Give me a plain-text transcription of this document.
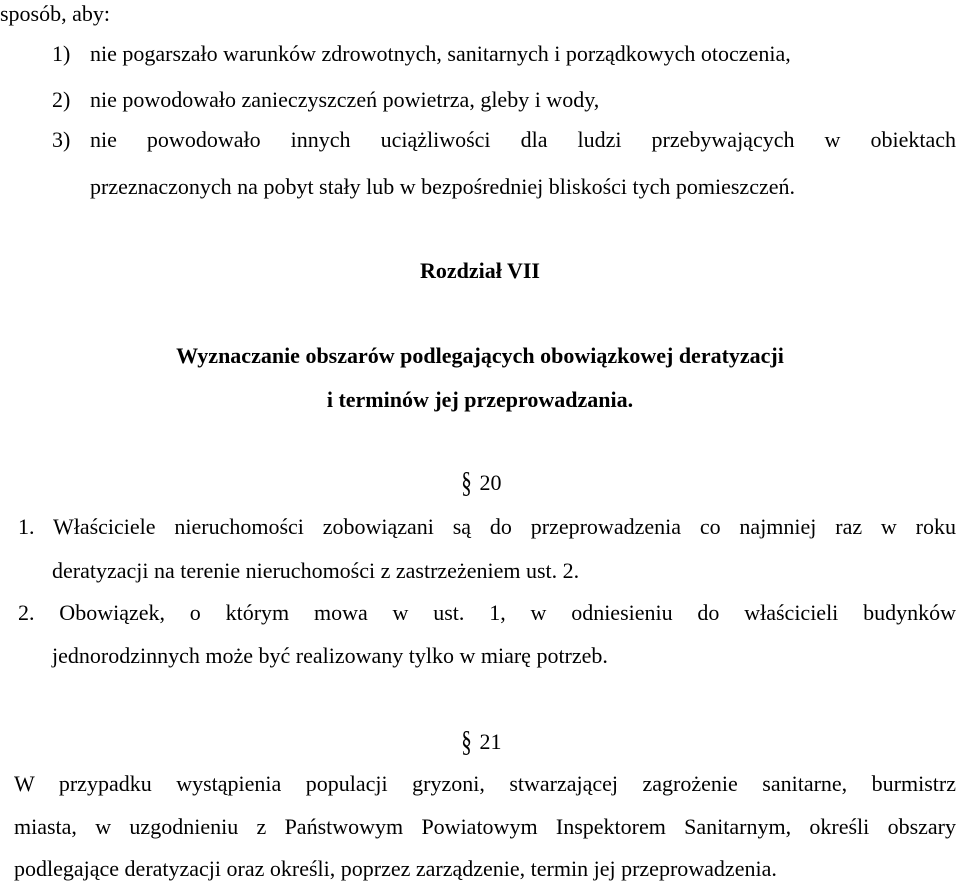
sposób, aby:
1) nie pogarszało warunków zdrowotnych, sanitarnych i porządkowych otoczenia,
2) nie powodowało zanieczyszczeń powietrza, gleby i wody,
3) nie powodowało innych uciążliwości dla ludzi przebywających w obiektach
przeznaczonych na pobyt stały lub w bezpośredniej bliskości tych pomieszczeń.
Rozdział VII
Wyznaczanie obszarów podlegających obowiązkowej deratyzacji
i terminów jej przeprowadzania.
§ 20
1. Właściciele nieruchomości zobowiązani są do przeprowadzenia co najmniej raz w roku
deratyzacji na terenie nieruchomości z zastrzeżeniem ust. 2.
2. Obowiązek, o którym mowa w ust. 1, w odniesieniu do właścicieli budynków
jednorodzinnych może być realizowany tylko w miarę potrzeb.
§ 21
W przypadku wystąpienia populacji gryzoni, stwarzającej zagrożenie sanitarne, burmistrz
miasta, w uzgodnieniu z Państwowym Powiatowym Inspektorem Sanitarnym, określi obszary
podlegające deratyzacji oraz określi, poprzez zarządzenie, termin jej przeprowadzenia.
